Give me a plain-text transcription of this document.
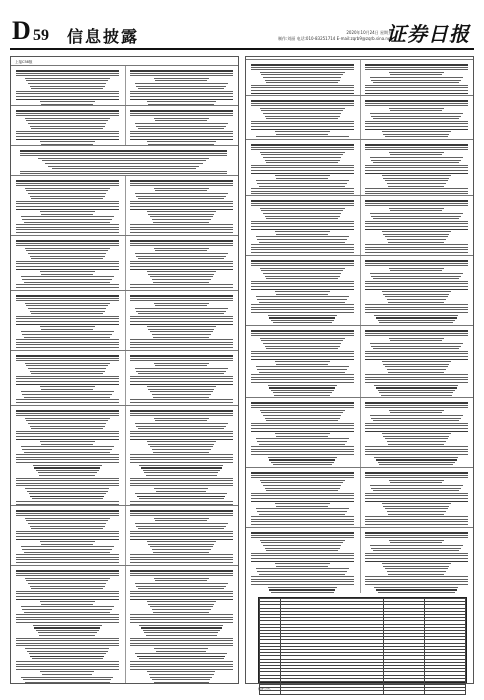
D 59 信息披露	2020年10月24日 星期五
制作:刘丽 电话:010-83251714 E-mail:zqrb9@zqrb.sina.net
证券日报
上接C58版

特此公告。
